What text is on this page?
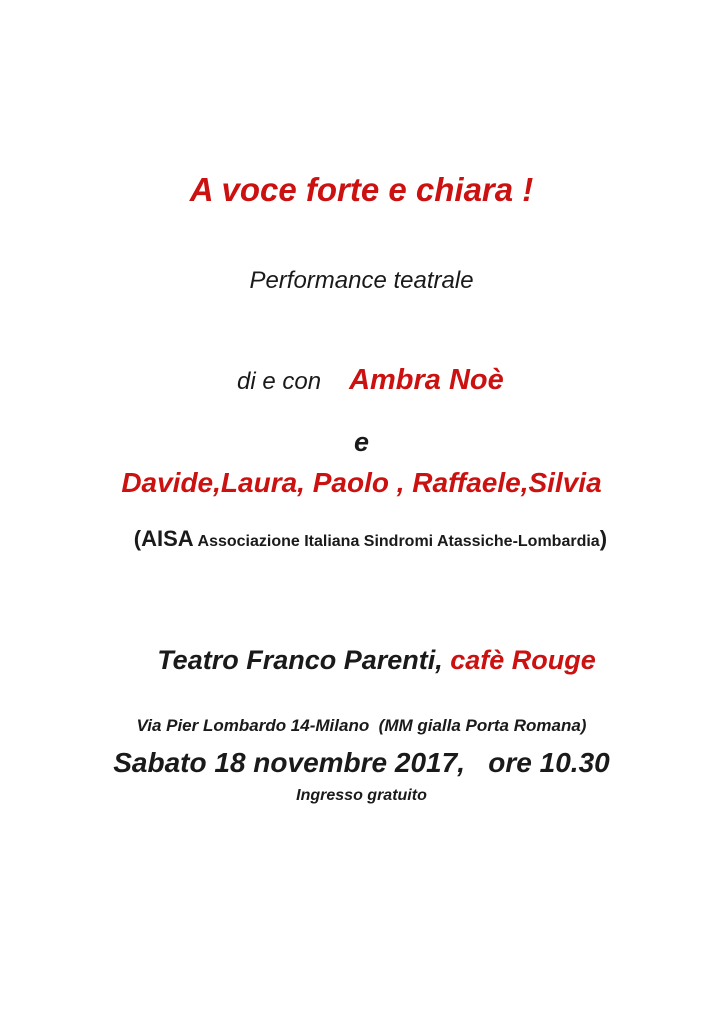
A voce forte e chiara !

Performance teatrale

di e con Ambra Noè

e

Davide,Laura, Paolo , Raffaele,Silvia

(AISA Associazione Italiana Sindromi Atassiche-Lombardia)

Teatro Franco Parenti, cafè Rouge

Via Pier Lombardo 14-Milano  (MM gialla Porta Romana)

Sabato 18 novembre 2017,   ore 10.30

Ingresso gratuito
